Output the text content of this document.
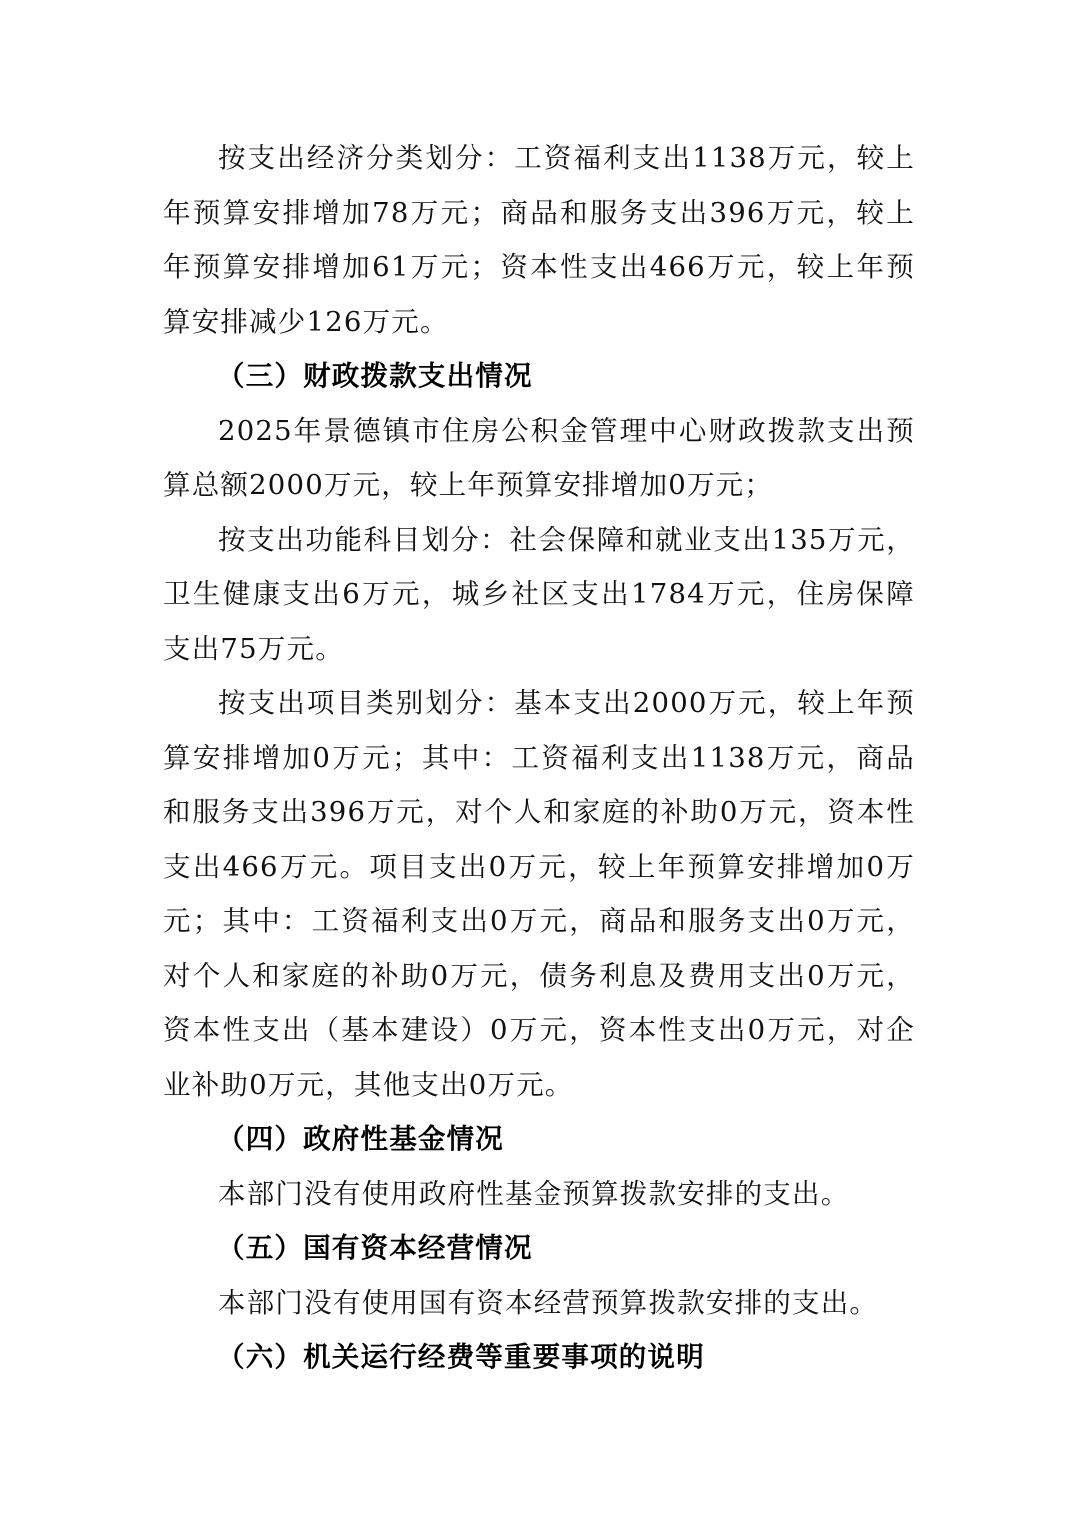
按支出经济分类划分：工资福利支出1138万元，较上年预算安排增加78万元；商品和服务支出396万元，较上年预算安排增加61万元；资本性支出466万元，较上年预算安排减少126万元。

（三）财政拨款支出情况

2025年景德镇市住房公积金管理中心财政拨款支出预算总额2000万元，较上年预算安排增加0万元；

按支出功能科目划分：社会保障和就业支出135万元，卫生健康支出6万元，城乡社区支出1784万元，住房保障支出75万元。

按支出项目类别划分：基本支出2000万元，较上年预算安排增加0万元；其中：工资福利支出1138万元，商品和服务支出396万元，对个人和家庭的补助0万元，资本性支出466万元。项目支出0万元，较上年预算安排增加0万元；其中：工资福利支出0万元，商品和服务支出0万元，对个人和家庭的补助0万元，债务利息及费用支出0万元，资本性支出（基本建设）0万元，资本性支出0万元，对企业补助0万元，其他支出0万元。

（四）政府性基金情况

本部门没有使用政府性基金预算拨款安排的支出。

（五）国有资本经营情况

本部门没有使用国有资本经营预算拨款安排的支出。

（六）机关运行经费等重要事项的说明
